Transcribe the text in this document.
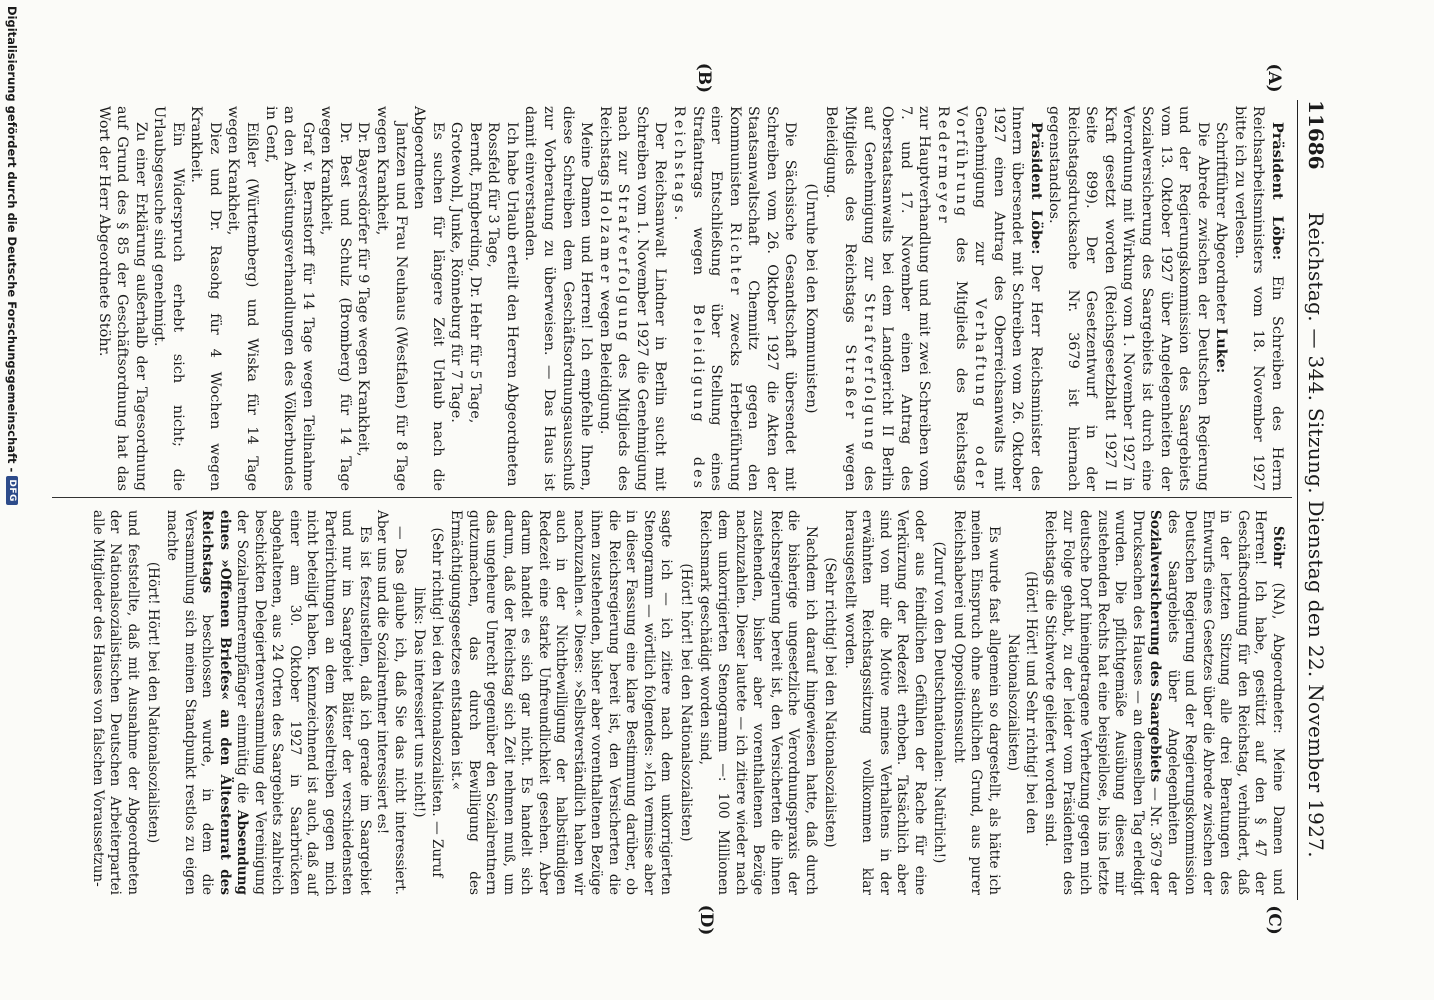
11686
Reichstag. — 344. Sitzung. Dienstag den 22. November 1927.
(A)
(B)
(C)
(D)

Präsident Löbe: Ein Schreiben des Herrn Reichsarbeitsministers vom 18. November 1927 bitte ich zu verlesen.

Schriftführer Abgeordneter Luke:

Die Abrede zwischen der Deutschen Regierung und der Regierungskommission des Saargebiets vom 13. Oktober 1927 über Angelegenheiten der Sozialversicherung des Saargebiets ist durch eine Verordnung mit Wirkung vom 1. November 1927 in Kraft gesetzt worden (Reichsgesetzblatt 1927 II Seite 899). Der Gesetzentwurf in der Reichstagsdrucksache Nr. 3679 ist hiernach gegenstandslos.

Präsident Löbe: Der Herr Reichsminister des Innern übersendet mit Schreiben vom 26. Oktober 1927 einen Antrag des Oberreichsanwalts mit Genehmigung zur Verhaftung oder Vorführung des Mitglieds des Reichstags Redermeyer

zur Hauptverhandlung und mit zwei Schreiben vom 7. und 17. November einen Antrag des Oberstaatsanwalts bei dem Landgericht II Berlin auf Genehmigung zur Strafverfolgung des Mitglieds des Reichstags Straßer wegen Beleidigung.

(Unruhe bei den Kommunisten)

Die Sächsische Gesandtschaft übersendet mit Schreiben vom 26. Oktober 1927 die Akten der Staatsanwaltschaft Chemnitz gegen den Kommunisten Richter zwecks Herbeiführung einer Entschließung über Stellung eines Strafantrags wegen Beleidigung des Reichstags.

Der Reichsanwalt Lindner in Berlin sucht mit Schreiben vom 1. November 1927 die Genehmigung nach zur Strafverfolgung des Mitglieds des Reichstags Holzamer wegen Beleidigung.

Meine Damen und Herren! Ich empfehle Ihnen, diese Schreiben dem Geschäftsordnungsausschuß zur Vorberatung zu überweisen. — Das Haus ist damit einverstanden.

Ich habe Urlaub erteilt den Herren Abgeordneten

Rossfeld für 3 Tage,

Berndt, Engberding, Dr. Hehr für 5 Tage,

Grotewohl, Junke, Rönneburg für 7 Tage.

Es suchen für längere Zeit Urlaub nach die Abgeordneten

Jantzen und Frau Neuhaus (Westfalen) für 8 Tage wegen Krankheit,

Dr. Bayersdörfer für 9 Tage wegen Krankheit,

Dr. Best und Schulz (Bromberg) für 14 Tage wegen Krankheit,

Graf v. Bernstorff für 14 Tage wegen Teilnahme an den Abrüstungsverhandlungen des Völkerbundes in Genf,

Eißler (Württemberg) und Wiska für 14 Tage wegen Krankheit,

Diez und Dr. Rasohg für 4 Wochen wegen Krankheit.

Ein Widerspruch erhebt sich nicht; die Urlaubsgesuche sind genehmigt.

Zu einer Erklärung außerhalb der Tagesordnung auf Grund des § 85 der Geschäftsordnung hat das Wort der Herr Abgeordnete Stöhr.

Stöhr (NA), Abgeordneter: Meine Damen und Herren! Ich habe, gestützt auf den § 47 der Geschäftsordnung für den Reichstag, verhindert, daß in der letzten Sitzung alle drei Beratungen des Entwurfs eines Gesetzes über die Abrede zwischen der Deutschen Regierung und der Regierungskommission des Saargebiets über Angelegenheiten der Sozialversicherung des Saargebiets — Nr. 3679 der Drucksachen des Hauses — an demselben Tag erledigt wurden. Die pflichtgemäße Ausübung dieses mir zustehenden Rechts hat eine beispiellose, bis ins letzte deutsche Dorf hineingetragene Verhetzung gegen mich zur Folge gehabt, zu der leider vom Präsidenten des Reichstags die Stichworte geliefert worden sind.

(Hört! Hört! und Sehr richtig! bei den Nationalsozialisten)

Es wurde fast allgemein so dargestellt, als hätte ich meinen Einspruch ohne sachlichen Grund, aus purer Reichshaberei und Oppositionssucht

(Zuruf von den Deutschnationalen: Natürlich!)

oder aus feindlichen Gefühlen der Rache für eine Verkürzung der Redezeit erhoben. Tatsächlich aber sind von mir die Motive meines Verhaltens in der erwähnten Reichstagssitzung vollkommen klar herausgestellt worden.

(Sehr richtig! bei den Nationalsozialisten)

Nachdem ich darauf hingewiesen hatte, daß durch die bisherige ungesetzliche Verordnungspraxis der Reichsregierung bereit ist, den Versicherten die ihnen zustehenden, bisher aber vorenthaltenen Bezüge nachzuzahlen. Dieser lautete — ich zitiere wieder nach dem unkorrigierten Stenogramm —: 100 Millionen Reichsmark geschädigt worden sind,

(Hört! hört! bei den Nationalsozialisten)

sagte ich — ich zitiere nach dem unkorrigierten Stenogramm — wörtlich folgendes: »Ich vermisse aber in dieser Fassung eine klare Bestimmung darüber, ob die Reichsregierung bereit ist, den Versicherten die ihnen zustehenden, bisher aber vorenthaltenen Bezüge nachzuzahlen.« Dieses: »Selbstverständlich haben wir auch in der Nichtbewilligung der halbstündigen Redezeit eine starke Unfreundlichkeit gesehen. Aber darum handelt es sich gar nicht. Es handelt sich darum, daß der Reichstag sich Zeit nehmen muß, um das ungeheure Unrecht gegenüber den Sozialrentnern gutzumachen, das durch Bewilligung des Ermächtigungsgesetzes entstanden ist.«

(Sehr richtig! bei den Nationalsozialisten. — Zuruf links: Das interessiert uns nicht!)

— Das glaube ich, daß Sie das nicht interessiert. Aber uns und die Sozialrentner interessiert es!

Es ist festzustellen, daß ich gerade im Saargebiet und nur im Saargebiet Blätter der verschiedensten Parteirichtungen an dem Kesseltreiben gegen mich nicht beteiligt haben. Kennzeichnend ist auch, daß auf einer am 30. Oktober 1927 in Saarbrücken abgehaltenen, aus 24 Orten des Saargebiets zahlreich beschickten Delegiertenversammlung der Vereinigung der Sozialrentnerempfänger einmütig die Absendung eines »Offenen Briefes« an den Ältestenrat des Reichstags beschlossen wurde, in dem die Versammlung sich meinen Standpunkt restlos zu eigen machte

(Hört! Hört! bei den Nationalsozialisten)

und feststellte, daß mit Ausnahme der Abgeordneten der Nationalsozialistischen Deutschen Arbeiterpartei alle Mitglieder des Hauses von falschen Voraussetzun-

Digitalisierung gefördert durch die Deutsche Forschungsgemeinschaft -
DFG
